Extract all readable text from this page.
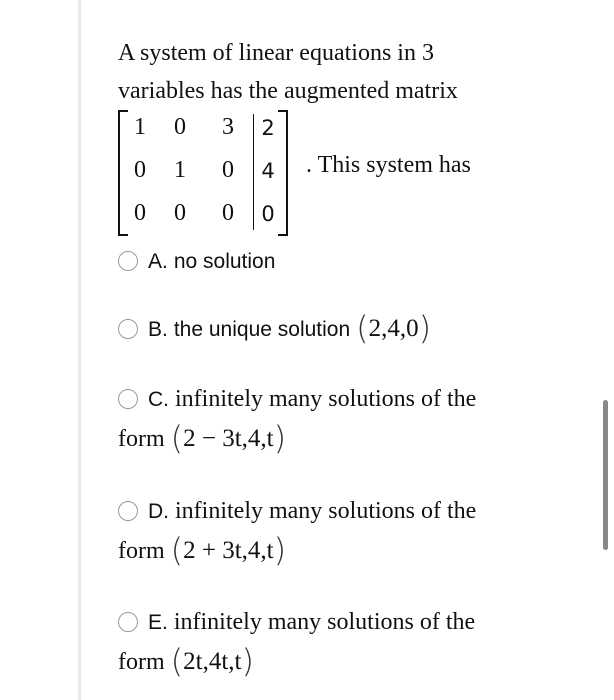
A system of linear equations in 3
variables has the augmented matrix
1 0 3 2
0 1 0 4
0 0 0 0
. This system has
A. no solution
B. the unique solution (2,4,0)
C. infinitely many solutions of the
form (2 − 3t,4,t)
D. infinitely many solutions of the
form (2 + 3t,4,t)
E. infinitely many solutions of the
form (2t,4t,t)
